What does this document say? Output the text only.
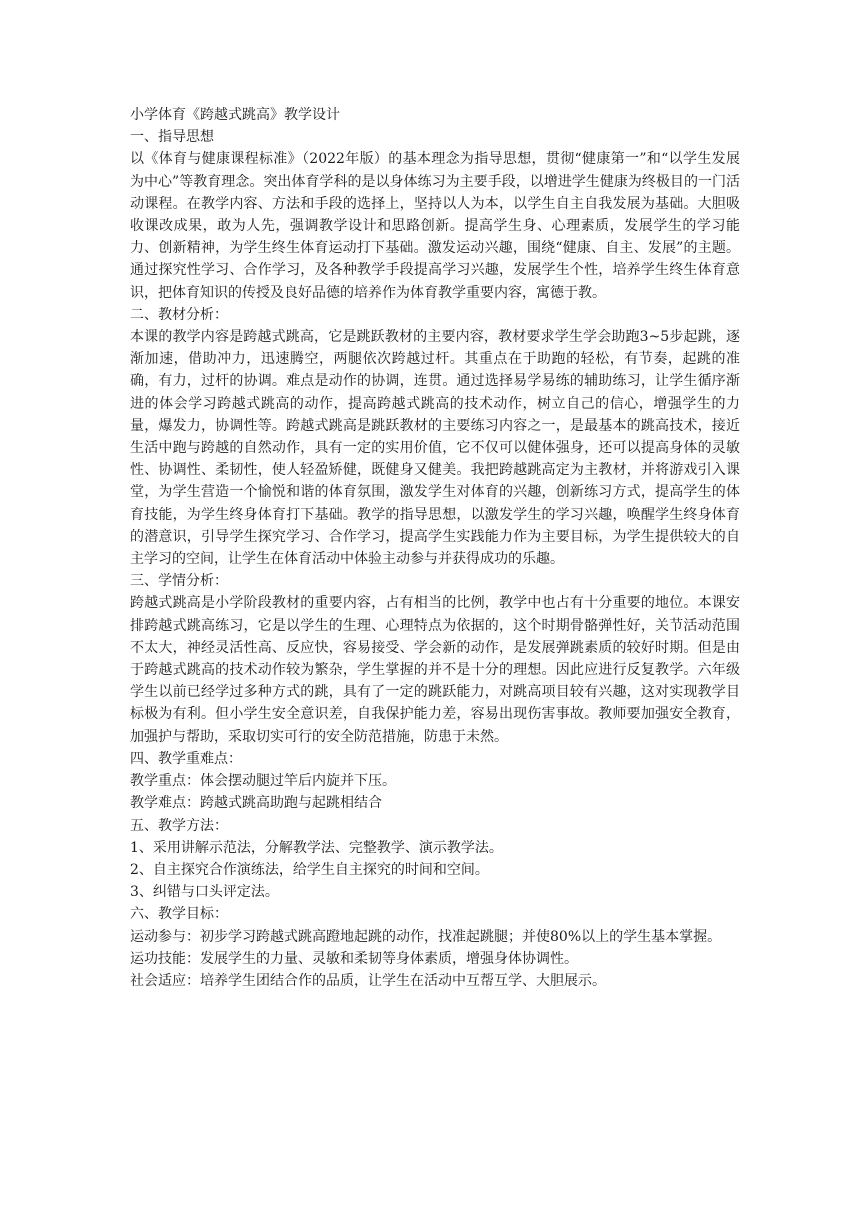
小学体育《跨越式跳高》教学设计

一、指导思想

以《体育与健康课程标准》（2022年版）的基本理念为指导思想，贯彻“健康第一”和“以学生发展为中心”等教育理念。突出体育学科的是以身体练习为主要手段，以增进学生健康为终极目的一门活动课程。在教学内容、方法和手段的选择上，坚持以人为本，以学生自主自我发展为基础。大胆吸收课改成果，敢为人先，强调教学设计和思路创新。提高学生身、心理素质，发展学生的学习能力、创新精神，为学生终生体育运动打下基础。激发运动兴趣，围绕“健康、自主、发展”的主题。通过探究性学习、合作学习，及各种教学手段提高学习兴趣，发展学生个性，培养学生终生体育意识，把体育知识的传授及良好品德的培养作为体育教学重要内容，寓德于教。

二、教材分析：

本课的教学内容是跨越式跳高，它是跳跃教材的主要内容，教材要求学生学会助跑3~5步起跳，逐渐加速，借助冲力，迅速腾空，两腿依次跨越过杆。其重点在于助跑的轻松，有节奏，起跳的准确，有力，过杆的协调。难点是动作的协调，连贯。通过选择易学易练的辅助练习，让学生循序渐进的体会学习跨越式跳高的动作，提高跨越式跳高的技术动作，树立自己的信心，增强学生的力量，爆发力，协调性等。跨越式跳高是跳跃教材的主要练习内容之一，是最基本的跳高技术，接近生活中跑与跨越的自然动作，具有一定的实用价值，它不仅可以健体强身，还可以提高身体的灵敏性、协调性、柔韧性，使人轻盈矫健，既健身又健美。我把跨越跳高定为主教材，并将游戏引入课堂，为学生营造一个愉悦和谐的体育氛围，激发学生对体育的兴趣，创新练习方式，提高学生的体育技能，为学生终身体育打下基础。教学的指导思想，以激发学生的学习兴趣，唤醒学生终身体育的潜意识，引导学生探究学习、合作学习，提高学生实践能力作为主要目标，为学生提供较大的自主学习的空间，让学生在体育活动中体验主动参与并获得成功的乐趣。

三、学情分析：

跨越式跳高是小学阶段教材的重要内容，占有相当的比例，教学中也占有十分重要的地位。本课安排跨越式跳高练习，它是以学生的生理、心理特点为依据的，这个时期骨骼弹性好，关节活动范围不太大，神经灵活性高、反应快，容易接受、学会新的动作，是发展弹跳素质的较好时期。但是由于跨越式跳高的技术动作较为繁杂，学生掌握的并不是十分的理想。因此应进行反复教学。六年级学生以前已经学过多种方式的跳，具有了一定的跳跃能力，对跳高项目较有兴趣，这对实现教学目标极为有利。但小学生安全意识差，自我保护能力差，容易出现伤害事故。教师要加强安全教育，加强护与帮助，采取切实可行的安全防范措施，防患于未然。

四、教学重难点：

教学重点：体会摆动腿过竿后内旋并下压。

教学难点：跨越式跳高助跑与起跳相结合

五、教学方法：

1、采用讲解示范法，分解教学法、完整教学、演示教学法。

2、自主探究合作演练法，给学生自主探究的时间和空间。

3、纠错与口头评定法。

六、教学目标：

运动参与：初步学习跨越式跳高蹬地起跳的动作，找准起跳腿；并使80%以上的学生基本掌握。

运功技能：发展学生的力量、灵敏和柔韧等身体素质，增强身体协调性。

社会适应：培养学生团结合作的品质，让学生在活动中互帮互学、大胆展示。
